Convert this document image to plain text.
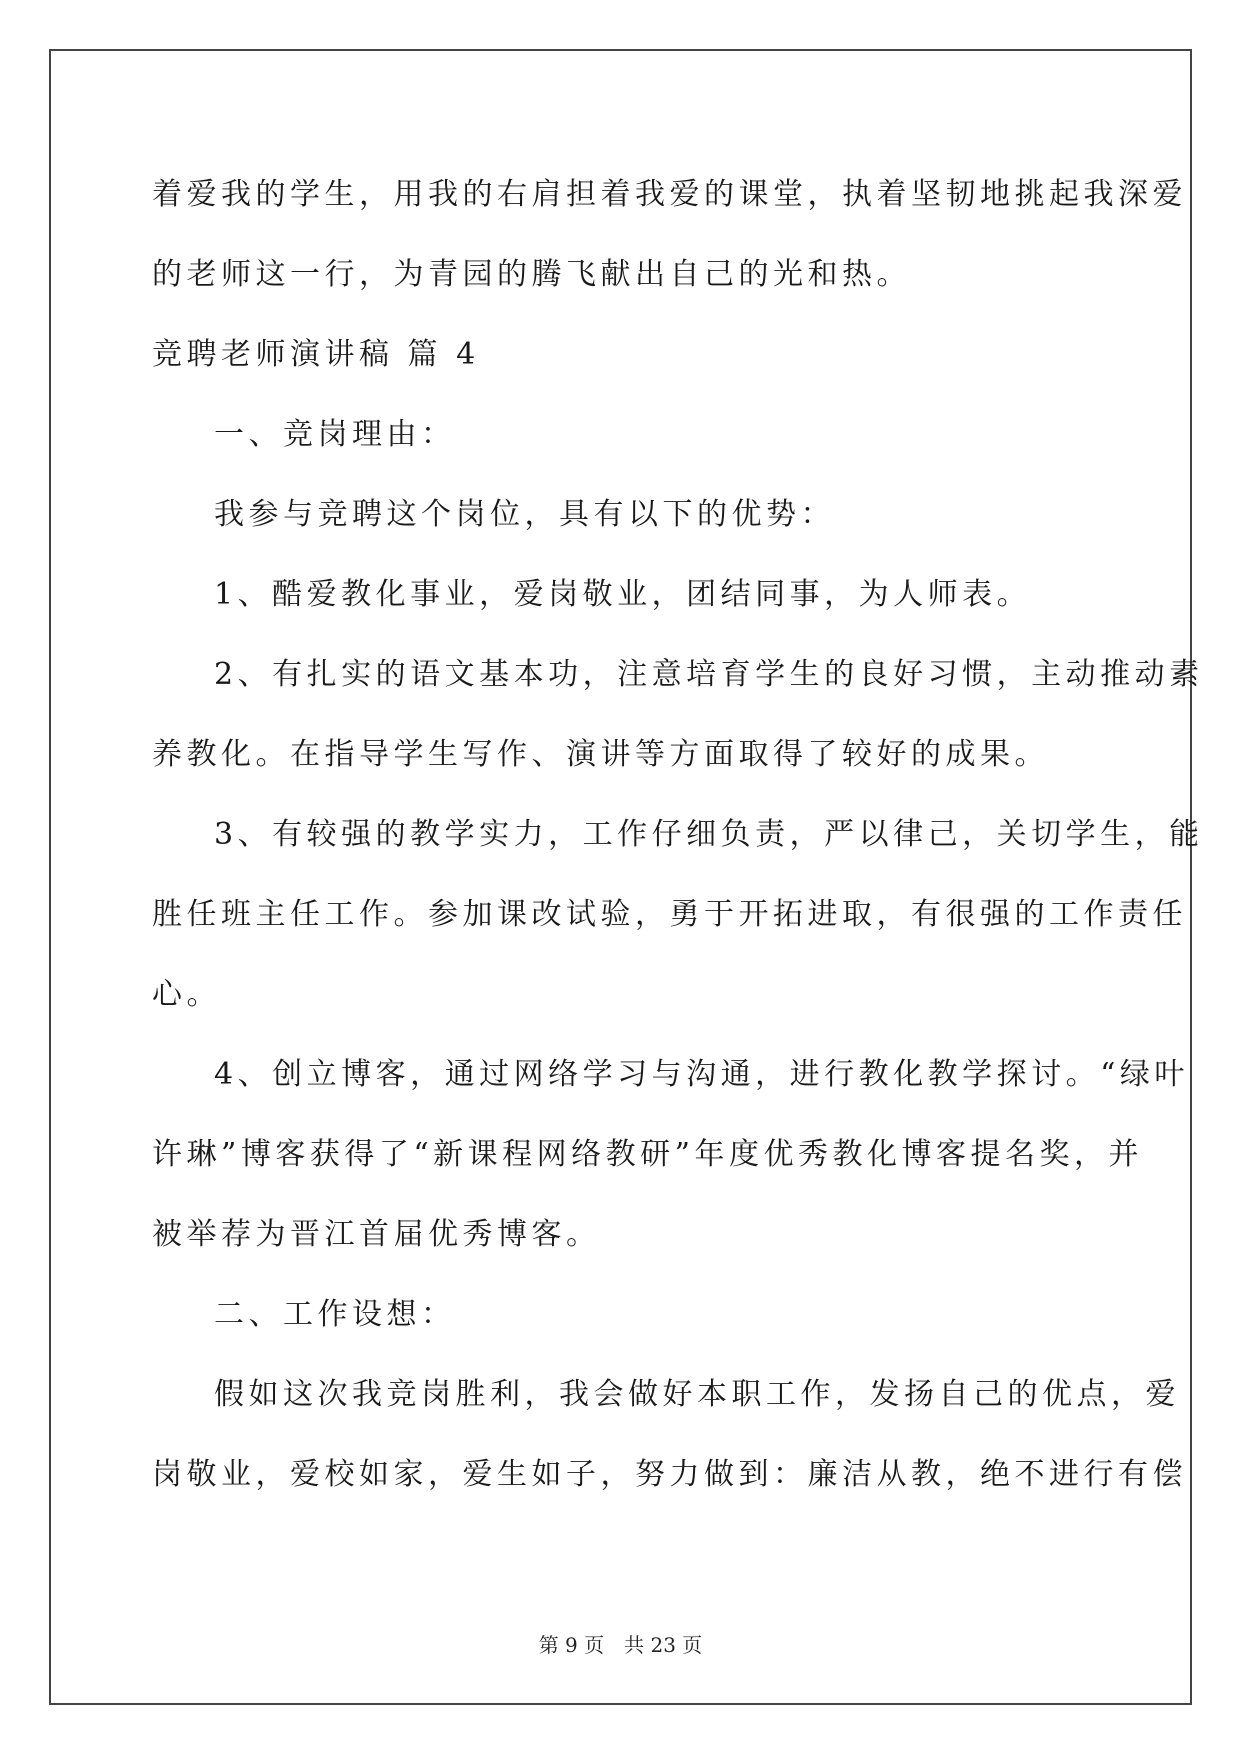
着爱我的学生，用我的右肩担着我爱的课堂，执着坚韧地挑起我深爱
的老师这一行，为青园的腾飞献出自己的光和热。

竞聘老师演讲稿 篇 4

一、竞岗理由：

我参与竞聘这个岗位，具有以下的优势：

1、酷爱教化事业，爱岗敬业，团结同事，为人师表。

2、有扎实的语文基本功，注意培育学生的良好习惯，主动推动素

养教化。在指导学生写作、演讲等方面取得了较好的成果。

3、有较强的教学实力，工作仔细负责，严以律己，关切学生，能

胜任班主任工作。参加课改试验，勇于开拓进取，有很强的工作责任
心。

4、创立博客，通过网络学习与沟通，进行教化教学探讨。“绿叶

许琳”博客获得了“新课程网络教研”年度优秀教化博客提名奖，并
被举荐为晋江首届优秀博客。

二、工作设想：

假如这次我竞岗胜利，我会做好本职工作，发扬自己的优点，爱

岗敬业，爱校如家，爱生如子，努力做到：廉洁从教，绝不进行有偿

第 9 页 共 23 页
